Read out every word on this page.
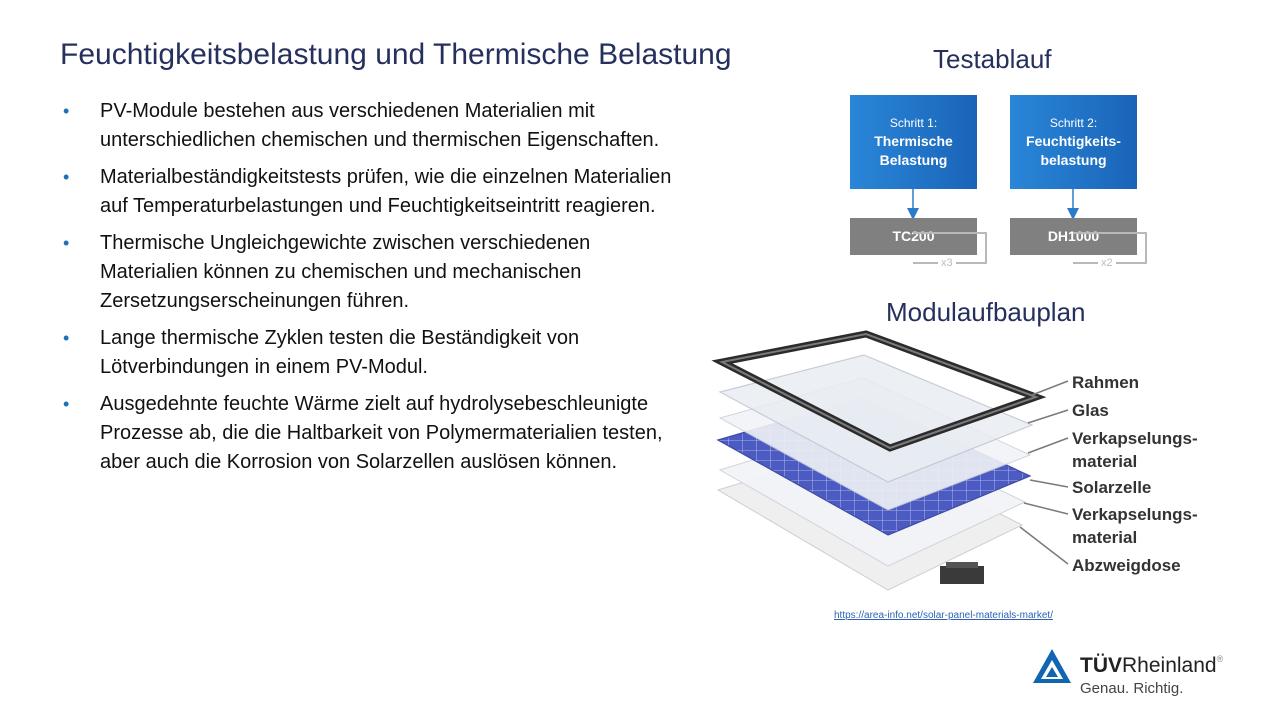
Feuchtigkeitsbelastung und Thermische Belastung
• PV-Module bestehen aus verschiedenen Materialien mit unterschiedlichen chemischen und thermischen Eigenschaften.
• Materialbeständigkeitstests prüfen, wie die einzelnen Materialien auf Temperaturbelastungen und Feuchtigkeitseintritt reagieren.
• Thermische Ungleichgewichte zwischen verschiedenen Materialien können zu chemischen und mechanischen Zersetzungserscheinungen führen.
• Lange thermische Zyklen testen die Beständigkeit von Lötverbindungen in einem PV-Modul.
• Ausgedehnte feuchte Wärme zielt auf hydrolysebeschleunigte Prozesse ab, die die Haltbarkeit von Polymermaterialien testen, aber auch die Korrosion von Solarzellen auslösen können.
Testablauf
Schritt 1:
Thermische
Belastung
Schritt 2:
Feuchtigkeits-
belastung
TC200	DH1000
x3	x2
Modulaufbauplan
Rahmen
Glas
Verkapselungs-
material
Solarzelle
Verkapselungs-
material
Abzweigdose
https://area-info.net/solar-panel-materials-market/
TÜVRheinland®
Genau. Richtig.
